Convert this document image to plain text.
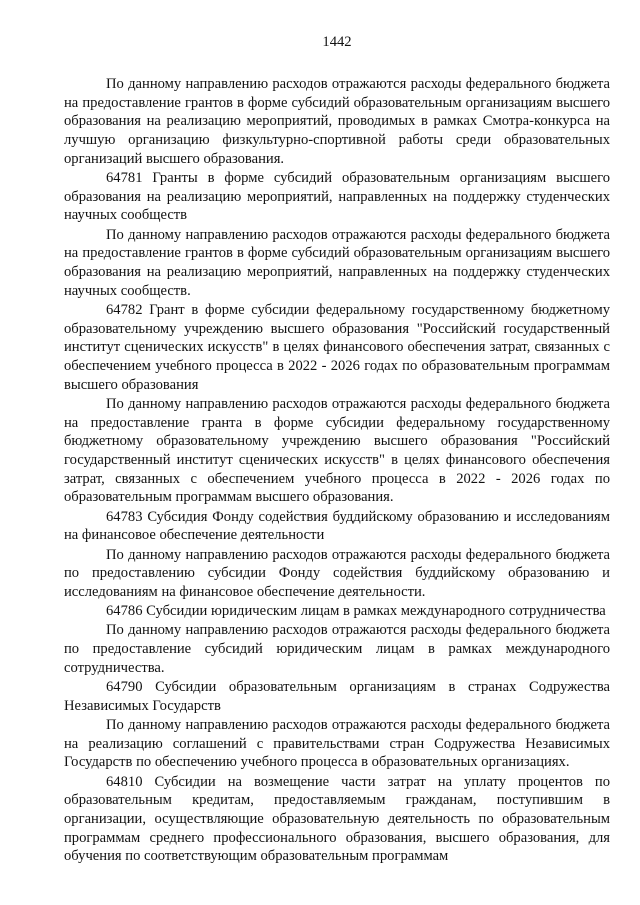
1442

По данному направлению расходов отражаются расходы федерального бюджета на предоставление грантов в форме субсидий образовательным организациям высшего образования на реализацию мероприятий, проводимых в рамках Смотра-конкурса на лучшую организацию физкультурно-спортивной работы среди образовательных организаций высшего образования.

64781 Гранты в форме субсидий образовательным организациям высшего образования на реализацию мероприятий, направленных на поддержку студенческих научных сообществ

По данному направлению расходов отражаются расходы федерального бюджета на предоставление грантов в форме субсидий образовательным организациям высшего образования на реализацию мероприятий, направленных на поддержку студенческих научных сообществ.

64782 Грант в форме субсидии федеральному государственному бюджетному образовательному учреждению высшего образования "Российский государственный институт сценических искусств" в целях финансового обеспечения затрат, связанных с обеспечением учебного процесса в 2022 - 2026 годах по образовательным программам высшего образования

По данному направлению расходов отражаются расходы федерального бюджета на предоставление гранта в форме субсидии федеральному государственному бюджетному образовательному учреждению высшего образования "Российский государственный институт сценических искусств" в целях финансового обеспечения затрат, связанных с обеспечением учебного процесса в 2022 - 2026 годах по образовательным программам высшего образования.

64783 Субсидия Фонду содействия буддийскому образованию и исследованиям на финансовое обеспечение деятельности

По данному направлению расходов отражаются расходы федерального бюджета по предоставлению субсидии Фонду содействия буддийскому образованию и исследованиям на финансовое обеспечение деятельности.

64786 Субсидии юридическим лицам в рамках международного сотрудничества

По данному направлению расходов отражаются расходы федерального бюджета по предоставление субсидий юридическим лицам в рамках международного сотрудничества.

64790 Субсидии образовательным организациям в странах Содружества Независимых Государств

По данному направлению расходов отражаются расходы федерального бюджета на реализацию соглашений с правительствами стран Содружества Независимых Государств по обеспечению учебного процесса в образовательных организациях.

64810 Субсидии на возмещение части затрат на уплату процентов по образовательным кредитам, предоставляемым гражданам, поступившим в организации, осуществляющие образовательную деятельность по образовательным программам среднего профессионального образования, высшего образования, для обучения по соответствующим образовательным программам
